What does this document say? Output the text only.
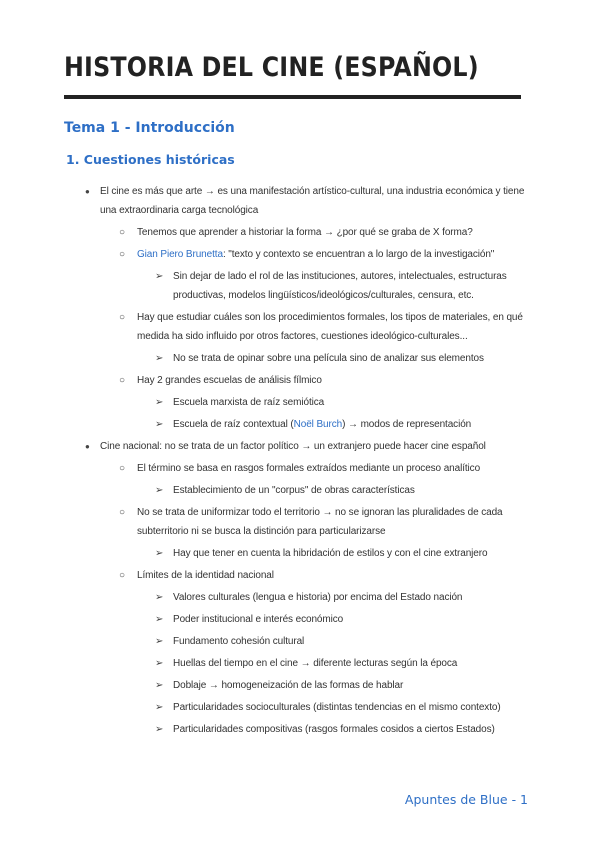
HISTORIA DEL CINE (ESPAÑOL)
Tema 1 - Introducción
1. Cuestiones históricas
● El cine es más que arte → es una manifestación artístico-cultural, una industria económica y tiene una extraordinaria carga tecnológica
○ Tenemos que aprender a historiar la forma → ¿por qué se graba de X forma?
○ Gian Piero Brunetta: "texto y contexto se encuentran a lo largo de la investigación"
➢ Sin dejar de lado el rol de las instituciones, autores, intelectuales, estructuras productivas, modelos lingüísticos/ideológicos/culturales, censura, etc.
○ Hay que estudiar cuáles son los procedimientos formales, los tipos de materiales, en qué medida ha sido influido por otros factores, cuestiones ideológico-culturales...
➢ No se trata de opinar sobre una película sino de analizar sus elementos
○ Hay 2 grandes escuelas de análisis fílmico
➢ Escuela marxista de raíz semiótica
➢ Escuela de raíz contextual (Noël Burch) → modos de representación
● Cine nacional: no se trata de un factor político → un extranjero puede hacer cine español
○ El término se basa en rasgos formales extraídos mediante un proceso analítico
➢ Establecimiento de un "corpus" de obras características
○ No se trata de uniformizar todo el territorio → no se ignoran las pluralidades de cada subterritorio ni se busca la distinción para particularizarse
➢ Hay que tener en cuenta la hibridación de estilos y con el cine extranjero
○ Límites de la identidad nacional
➢ Valores culturales (lengua e historia) por encima del Estado nación
➢ Poder institucional e interés económico
➢ Fundamento cohesión cultural
➢ Huellas del tiempo en el cine → diferente lecturas según la época
➢ Doblaje → homogeneización de las formas de hablar
➢ Particularidades socioculturales (distintas tendencias en el mismo contexto)
➢ Particularidades compositivas (rasgos formales cosidos a ciertos Estados)
Apuntes de Blue - 1
